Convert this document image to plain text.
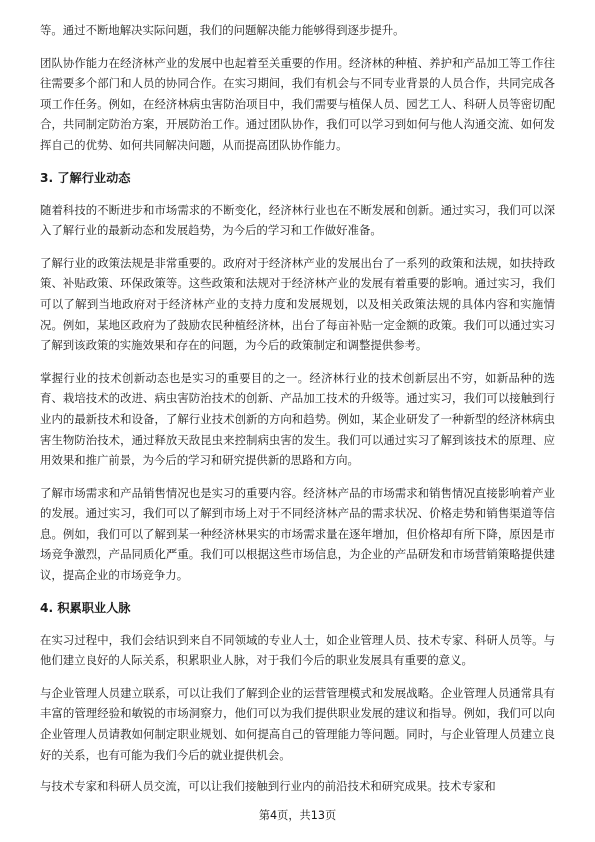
等。通过不断地解决实际问题，我们的问题解决能力能够得到逐步提升。

团队协作能力在经济林产业的发展中也起着至关重要的作用。经济林的种植、养护和产品加工等工作往往需要多个部门和人员的协同合作。在实习期间，我们有机会与不同专业背景的人员合作，共同完成各项工作任务。例如，在经济林病虫害防治项目中，我们需要与植保人员、园艺工人、科研人员等密切配合，共同制定防治方案，开展防治工作。通过团队协作，我们可以学习到如何与他人沟通交流、如何发挥自己的优势、如何共同解决问题，从而提高团队协作能力。

3. 了解行业动态

随着科技的不断进步和市场需求的不断变化，经济林行业也在不断发展和创新。通过实习，我们可以深入了解行业的最新动态和发展趋势，为今后的学习和工作做好准备。

了解行业的政策法规是非常重要的。政府对于经济林产业的发展出台了一系列的政策和法规，如扶持政策、补贴政策、环保政策等。这些政策和法规对于经济林产业的发展有着重要的影响。通过实习，我们可以了解到当地政府对于经济林产业的支持力度和发展规划，以及相关政策法规的具体内容和实施情况。例如，某地区政府为了鼓励农民种植经济林，出台了每亩补贴一定金额的政策。我们可以通过实习了解到该政策的实施效果和存在的问题，为今后的政策制定和调整提供参考。

掌握行业的技术创新动态也是实习的重要目的之一。经济林行业的技术创新层出不穷，如新品种的选育、栽培技术的改进、病虫害防治技术的创新、产品加工技术的升级等。通过实习，我们可以接触到行业内的最新技术和设备，了解行业技术创新的方向和趋势。例如，某企业研发了一种新型的经济林病虫害生物防治技术，通过释放天敌昆虫来控制病虫害的发生。我们可以通过实习了解到该技术的原理、应用效果和推广前景，为今后的学习和研究提供新的思路和方向。

了解市场需求和产品销售情况也是实习的重要内容。经济林产品的市场需求和销售情况直接影响着产业的发展。通过实习，我们可以了解到市场上对于不同经济林产品的需求状况、价格走势和销售渠道等信息。例如，我们可以了解到某一种经济林果实的市场需求量在逐年增加，但价格却有所下降，原因是市场竞争激烈，产品同质化严重。我们可以根据这些市场信息，为企业的产品研发和市场营销策略提供建议，提高企业的市场竞争力。

4. 积累职业人脉

在实习过程中，我们会结识到来自不同领域的专业人士，如企业管理人员、技术专家、科研人员等。与他们建立良好的人际关系，积累职业人脉，对于我们今后的职业发展具有重要的意义。

与企业管理人员建立联系，可以让我们了解到企业的运营管理模式和发展战略。企业管理人员通常具有丰富的管理经验和敏锐的市场洞察力，他们可以为我们提供职业发展的建议和指导。例如，我们可以向企业管理人员请教如何制定职业规划、如何提高自己的管理能力等问题。同时，与企业管理人员建立良好的关系，也有可能为我们今后的就业提供机会。

与技术专家和科研人员交流，可以让我们接触到行业内的前沿技术和研究成果。技术专家和

第4页，共13页
